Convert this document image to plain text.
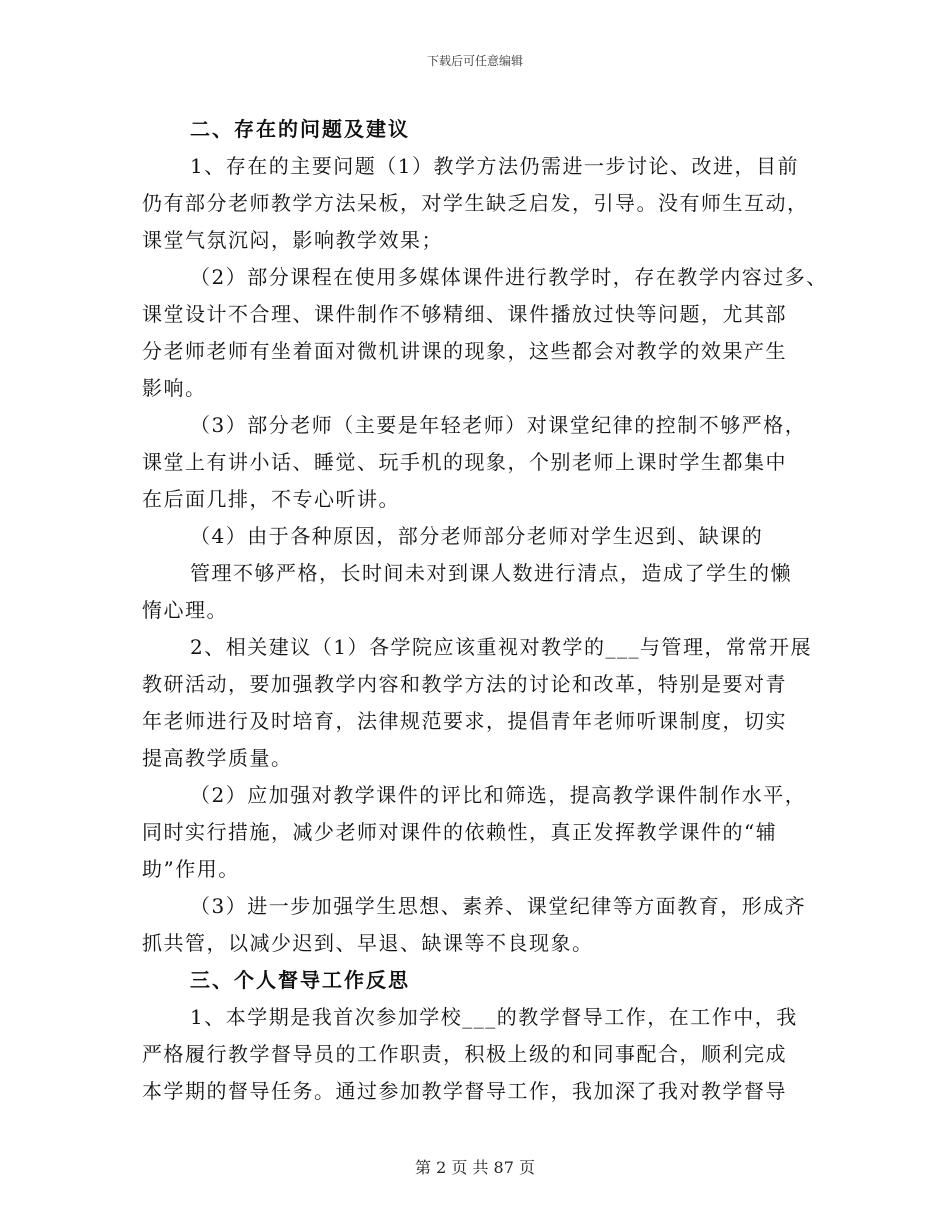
下载后可任意编辑
二、存在的问题及建议
1、存在的主要问题（1）教学方法仍需进一步讨论、改进，目前
仍有部分老师教学方法呆板，对学生缺乏启发，引导。没有师生互动，
课堂气氛沉闷，影响教学效果；
（2）部分课程在使用多媒体课件进行教学时，存在教学内容过多、
课堂设计不合理、课件制作不够精细、课件播放过快等问题，尤其部
分老师老师有坐着面对微机讲课的现象，这些都会对教学的效果产生
影响。
（3）部分老师（主要是年轻老师）对课堂纪律的控制不够严格，
课堂上有讲小话、睡觉、玩手机的现象，个别老师上课时学生都集中
在后面几排，不专心听讲。
（4）由于各种原因，部分老师部分老师对学生迟到、缺课的
管理不够严格，长时间未对到课人数进行清点，造成了学生的懒
惰心理。
2、相关建议（1）各学院应该重视对教学的___与管理，常常开展
教研活动，要加强教学内容和教学方法的讨论和改革，特别是要对青
年老师进行及时培育，法律规范要求，提倡青年老师听课制度，切实
提高教学质量。
（2）应加强对教学课件的评比和筛选，提高教学课件制作水平，
同时实行措施，减少老师对课件的依赖性，真正发挥教学课件的“辅
助”作用。
（3）进一步加强学生思想、素养、课堂纪律等方面教育，形成齐
抓共管，以减少迟到、早退、缺课等不良现象。
三、个人督导工作反思
1、本学期是我首次参加学校___的教学督导工作，在工作中，我
严格履行教学督导员的工作职责，积极上级的和同事配合，顺利完成
本学期的督导任务。通过参加教学督导工作，我加深了我对教学督导
第 2 页 共 87 页
